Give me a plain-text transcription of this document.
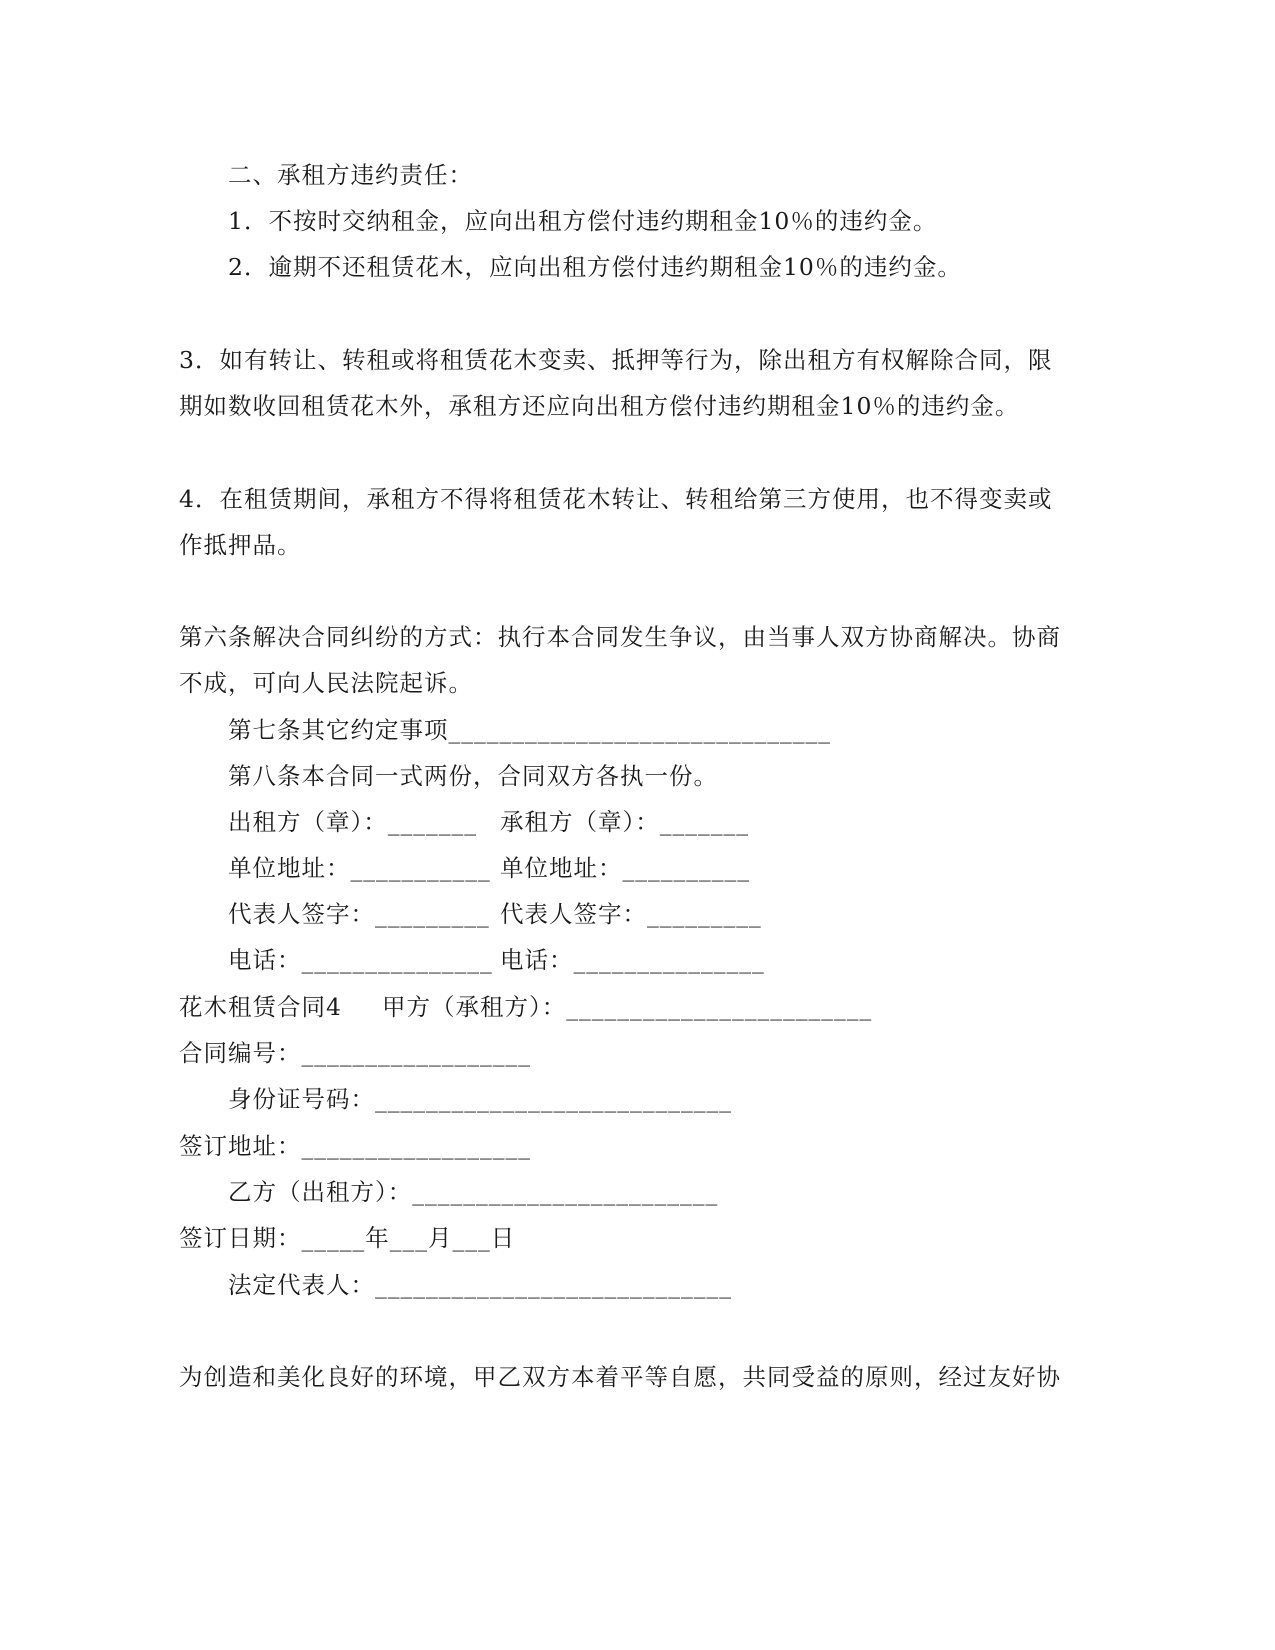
二、承租方违约责任：
1．不按时交纳租金，应向出租方偿付违约期租金10％的违约金。
2．逾期不还租赁花木，应向出租方偿付违约期租金10％的违约金。
3．如有转让、转租或将租赁花木变卖、抵押等行为，除出租方有权解除合同，限
期如数收回租赁花木外，承租方还应向出租方偿付违约期租金10％的违约金。
4．在租赁期间，承租方不得将租赁花木转让、转租给第三方使用，也不得变卖或
作抵押品。
第六条解决合同纠纷的方式：执行本合同发生争议，由当事人双方协商解决。协商
不成，可向人民法院起诉。
第七条其它约定事项______________________________
第八条本合同一式两份，合同双方各执一份。
出租方（章）：_______ 承租方（章）：_______
单位地址：___________ 单位地址：__________
代表人签字：_________ 代表人签字：_________
电话：_______________ 电话：_______________
花木租赁合同4 甲方（承租方）：________________________
合同编号：__________________
身份证号码：____________________________
签订地址：__________________
乙方（出租方）：________________________
签订日期：_____年___月___日
法定代表人：____________________________
为创造和美化良好的环境，甲乙双方本着平等自愿，共同受益的原则，经过友好协
